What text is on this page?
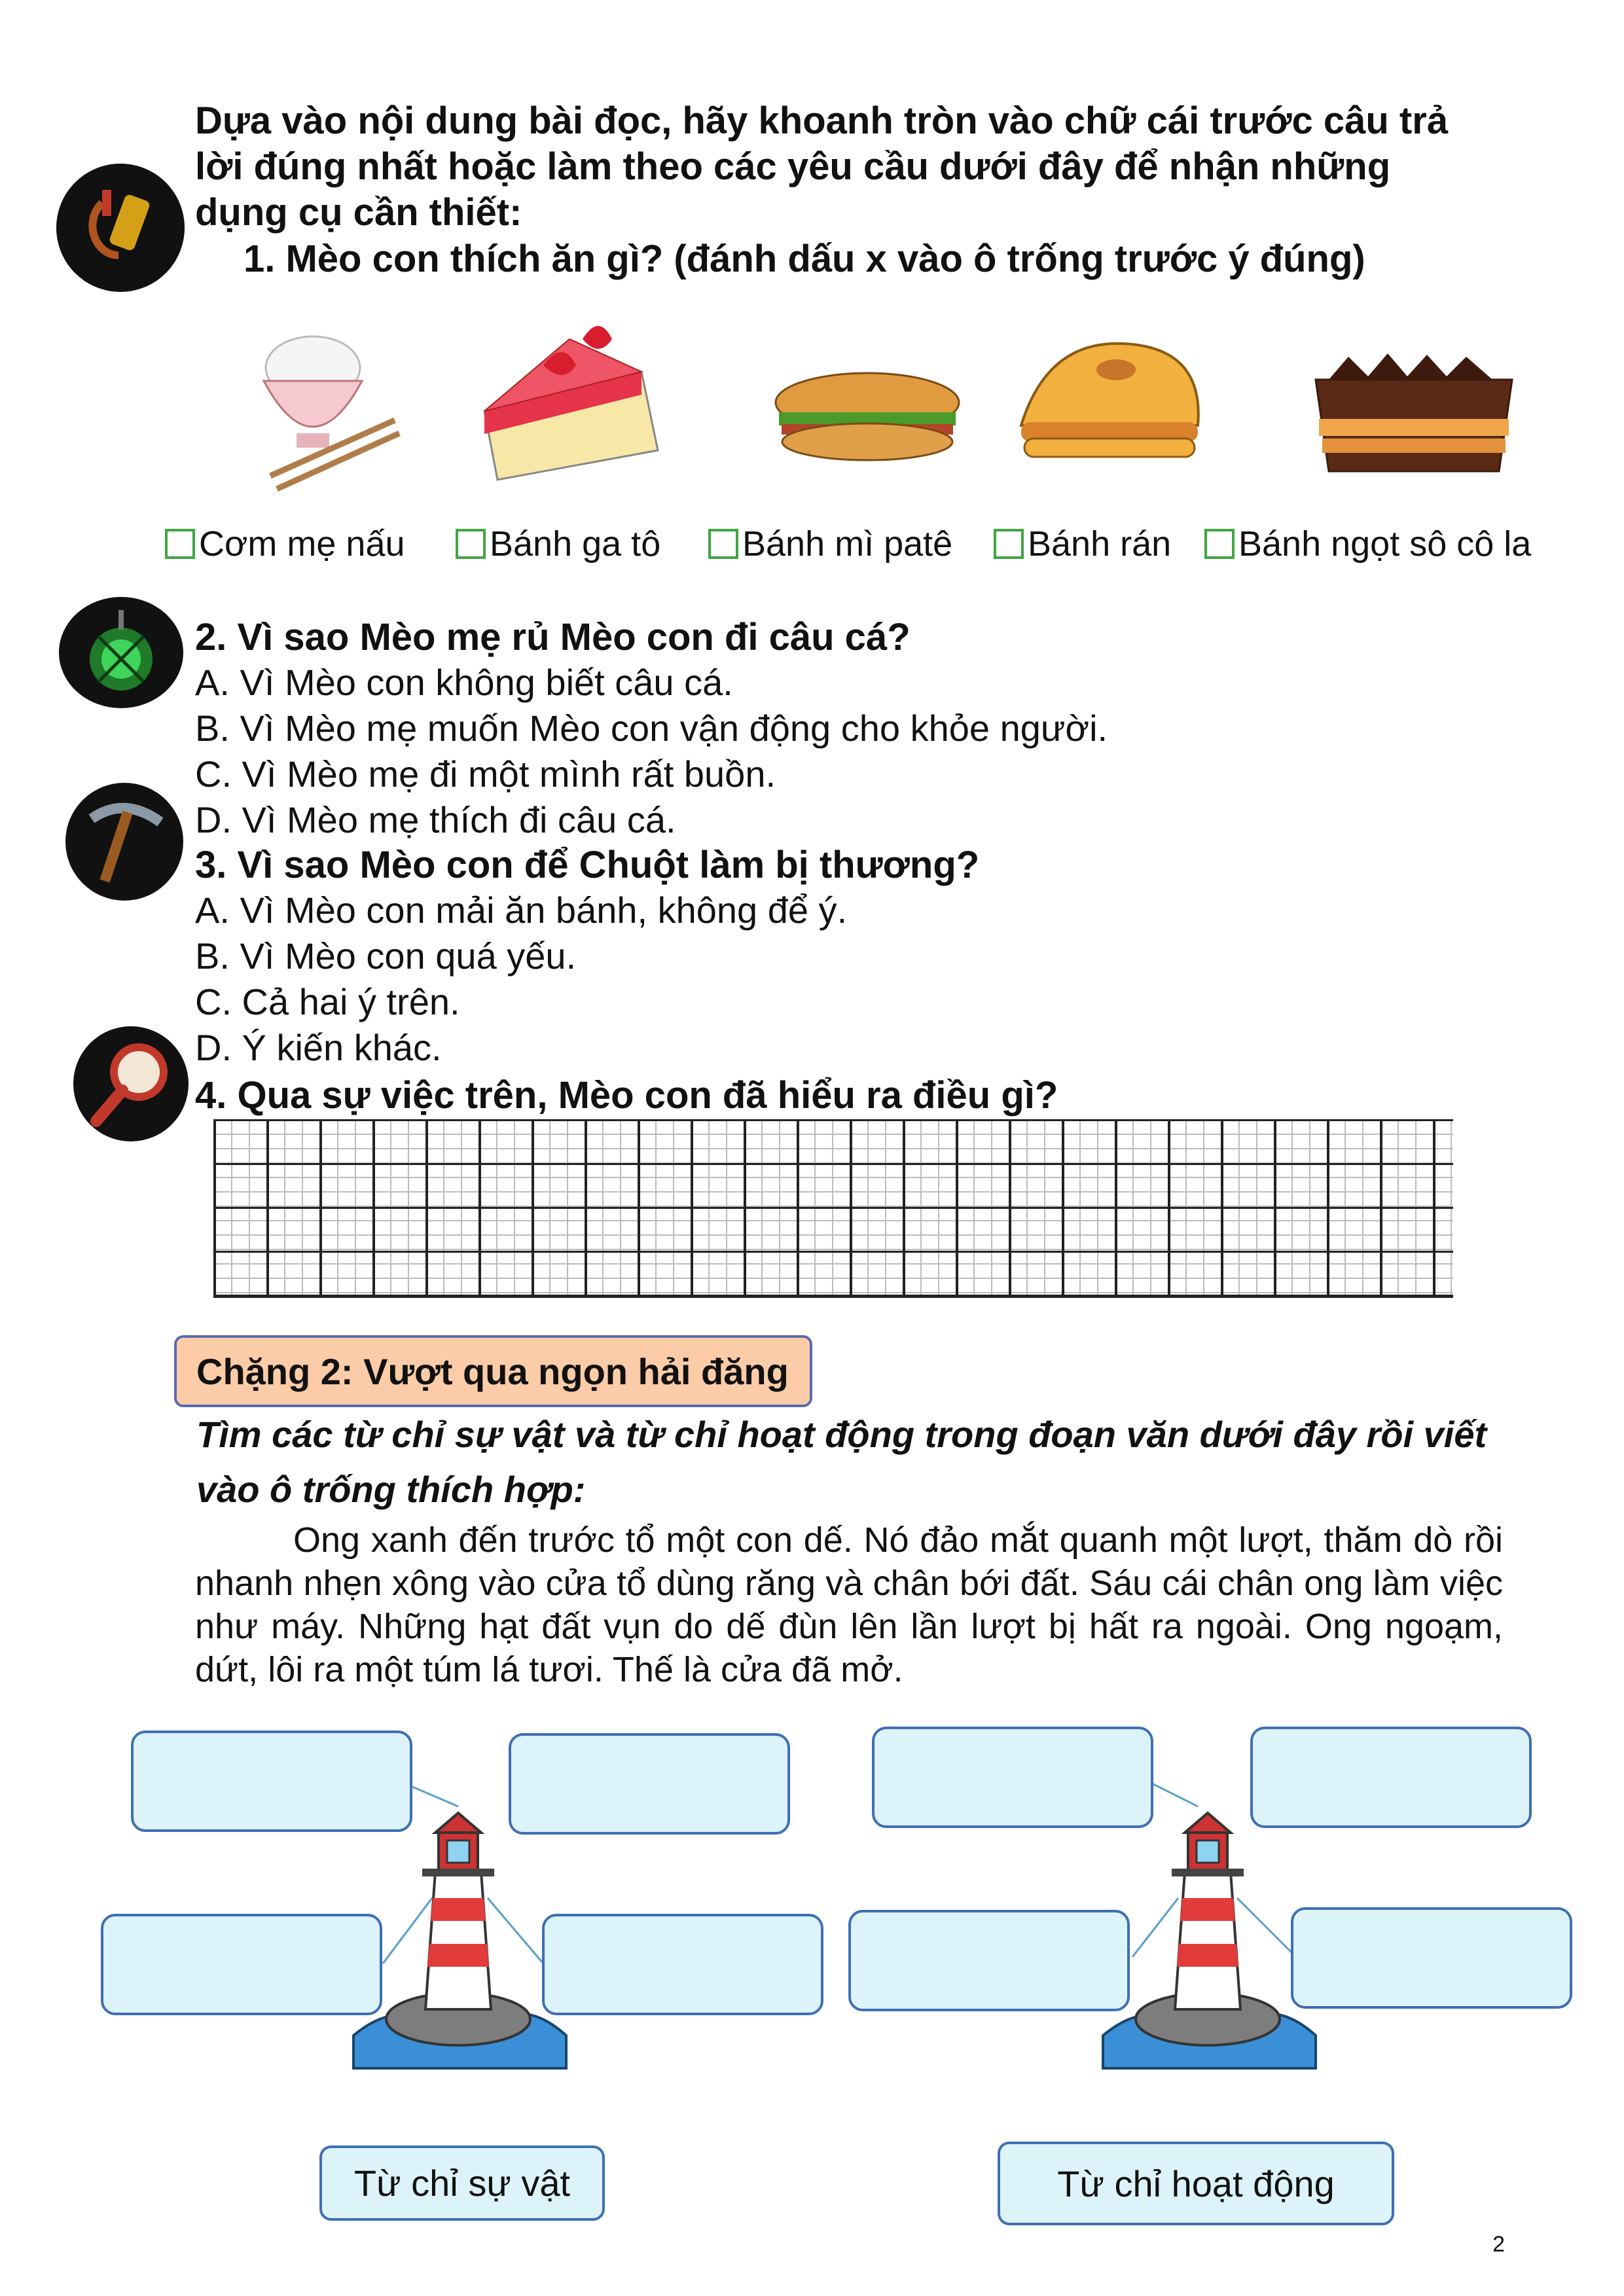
Dựa vào nội dung bài đọc, hãy khoanh tròn vào chữ cái trước câu trả lời đúng nhất hoặc làm theo các yêu cầu dưới đây để nhận những dụng cụ cần thiết:
1. Mèo con thích ăn gì? (đánh dấu x vào ô trống trước ý đúng)
Cơm mẹ nấu Bánh ga tô Bánh mì patê Bánh rán Bánh ngọt sô cô la
2. Vì sao Mèo mẹ rủ Mèo con đi câu cá?
A. Vì Mèo con không biết câu cá.
B. Vì Mèo mẹ muốn Mèo con vận động cho khỏe người.
C. Vì Mèo mẹ đi một mình rất buồn.
D. Vì Mèo mẹ thích đi câu cá.
3. Vì sao Mèo con để Chuột làm bị thương?
A. Vì Mèo con mải ăn bánh, không để ý.
B. Vì Mèo con quá yếu.
C. Cả hai ý trên.
D. Ý kiến khác.
4. Qua sự việc trên, Mèo con đã hiểu ra điều gì?
Chặng 2: Vượt qua ngọn hải đăng
Tìm các từ chỉ sự vật và từ chỉ hoạt động trong đoạn văn dưới đây rồi viết vào ô trống thích hợp:
Ong xanh đến trước tổ một con dế. Nó đảo mắt quanh một lượt, thăm dò rồi nhanh nhẹn xông vào cửa tổ dùng răng và chân bới đất. Sáu cái chân ong làm việc như máy. Những hạt đất vụn do dế đùn lên lần lượt bị hất ra ngoài. Ong ngoạm, dứt, lôi ra một túm lá tươi. Thế là cửa đã mở.
Từ chỉ sự vật	Từ chỉ hoạt động
2
